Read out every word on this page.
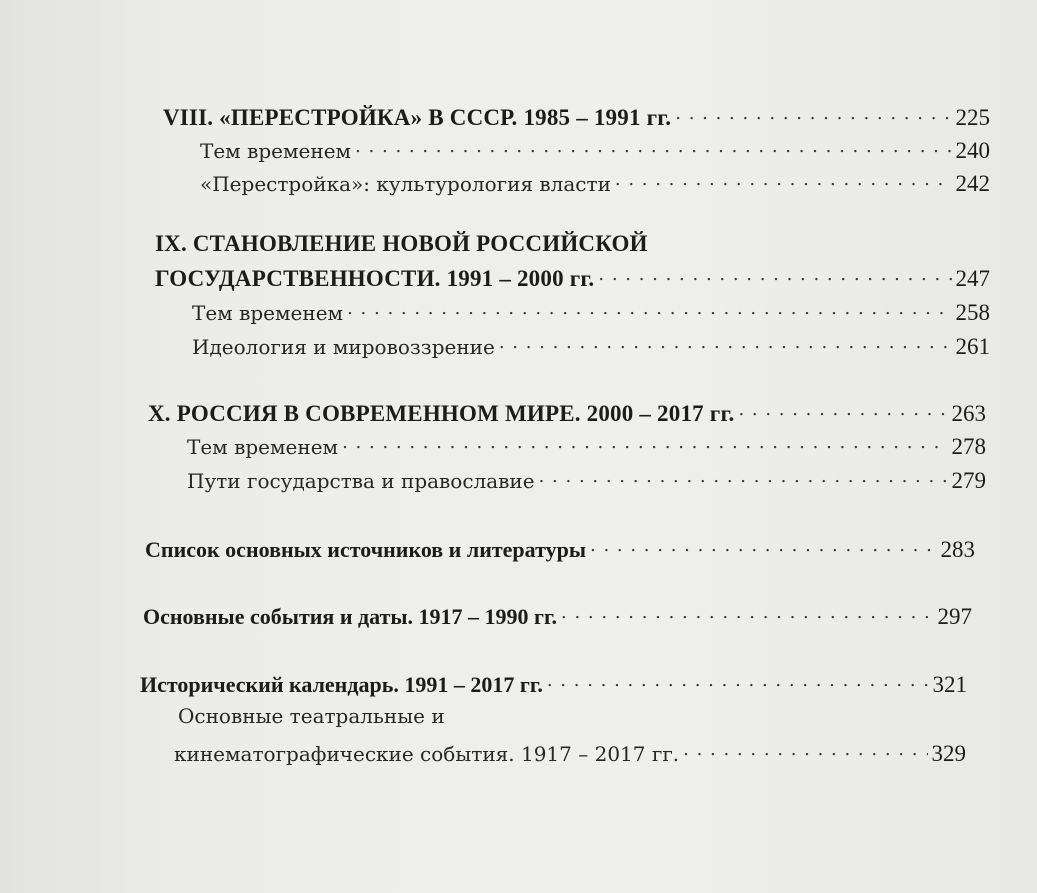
VIII. «ПЕРЕСТРОЙКА» В СССР. 1985 – 1991 гг. . . .	225
Тем временем . . .	240
«Перестройка»: культурология власти . . .	242
IX. СТАНОВЛЕНИЕ НОВОЙ РОССИЙСКОЙ
ГОСУДАРСТВЕННОСТИ. 1991 – 2000 гг. . . .	247
Тем временем . . .	258
Идеология и мировоззрение . . .	261
X. РОССИЯ В СОВРЕМЕННОМ МИРЕ. 2000 – 2017 гг. . . .	263
Тем временем . . .	278
Пути государства и православие . . .	279
Список основных источников и литературы . . .	283
Основные события и даты. 1917 – 1990 гг. . . .	297
Исторический календарь. 1991 – 2017 гг. . . .	321
Основные театральные и
кинематографические события. 1917 – 2017 гг. . . .	329
